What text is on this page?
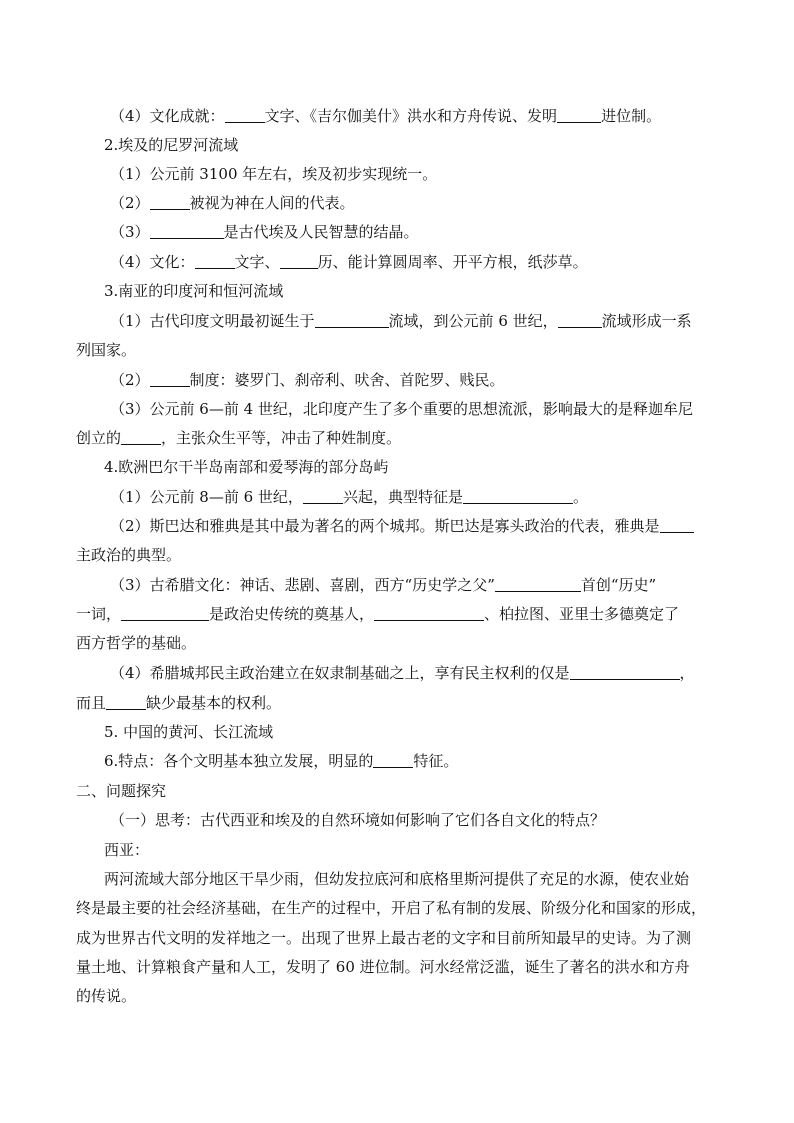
（4）文化成就：	文字、《吉尔伽美什》洪水和方舟传说、发明	进位制。
2.埃及的尼罗河流域
（1）公元前 3100 年左右，埃及初步实现统一。
（2）	被视为神在人间的代表。
（3）	是古代埃及人民智慧的结晶。
（4）文化：	文字、	历、能计算圆周率、开平方根，纸莎草。
3.南亚的印度河和恒河流域
（1）古代印度文明最初诞生于	流域，到公元前 6 世纪，	流域形成一系
列国家。
（2）	制度：婆罗门、刹帝利、吠舍、首陀罗、贱民。
（3）公元前 6—前 4 世纪，北印度产生了多个重要的思想流派，影响最大的是释迦牟尼
创立的	，主张众生平等，冲击了种姓制度。
4.欧洲巴尔干半岛南部和爱琴海的部分岛屿
（1）公元前 8—前 6 世纪，	兴起，典型特征是	。
（2）斯巴达和雅典是其中最为著名的两个城邦。斯巴达是寡头政治的代表，雅典是
主政治的典型。
（3）古希腊文化：神话、悲剧、喜剧，西方“历史学之父”	首创“历史”
一词，	是政治史传统的奠基人，	、柏拉图、亚里士多德奠定了
西方哲学的基础。
（4）希腊城邦民主政治建立在奴隶制基础之上，享有民主权利的仅是	，
而且	缺少最基本的权利。
5. 中国的黄河、长江流域
6.特点：各个文明基本独立发展，明显的	特征。
二、问题探究
（一）思考：古代西亚和埃及的自然环境如何影响了它们各自文化的特点？
西亚：
两河流域大部分地区干旱少雨，但幼发拉底河和底格里斯河提供了充足的水源，使农业始
终是最主要的社会经济基础，在生产的过程中，开启了私有制的发展、阶级分化和国家的形成，
成为世界古代文明的发祥地之一。出现了世界上最古老的文字和目前所知最早的史诗。为了测
量土地、计算粮食产量和人工，发明了 60 进位制。河水经常泛滥，诞生了著名的洪水和方舟
的传说。
